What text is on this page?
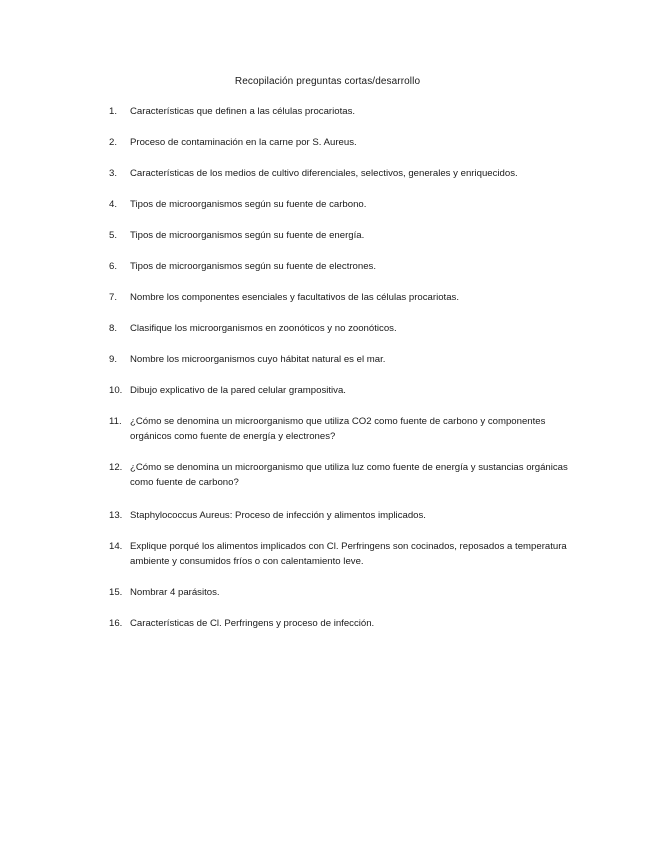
Recopilación preguntas cortas/desarrollo
1.	Características que definen a las células procariotas.
2.	Proceso de contaminación en la carne por S. Aureus.
3.	Características de los medios de cultivo diferenciales, selectivos, generales y enriquecidos.
4.	Tipos de microorganismos según su fuente de carbono.
5.	Tipos de microorganismos según su fuente de energía.
6.	Tipos de microorganismos según su fuente de electrones.
7.	Nombre los componentes esenciales y facultativos de las células procariotas.
8.	Clasifique los microorganismos en zoonóticos y no zoonóticos.
9.	Nombre los microorganismos cuyo hábitat natural es el mar.
10. Dibujo explicativo de la pared celular grampositiva.
11. ¿Cómo se denomina un microorganismo que utiliza CO2 como fuente de carbono y componentes orgánicos como fuente de energía y electrones?
12. ¿Cómo se denomina un microorganismo que utiliza luz como fuente de energía y sustancias orgánicas como fuente de carbono?
13. Staphylococcus Aureus: Proceso de infección y alimentos implicados.
14. Explique porqué los alimentos implicados con Cl. Perfringens son cocinados, reposados a temperatura ambiente y consumidos fríos o con calentamiento leve.
15. Nombrar 4 parásitos.
16. Características de Cl. Perfringens y proceso de infección.
